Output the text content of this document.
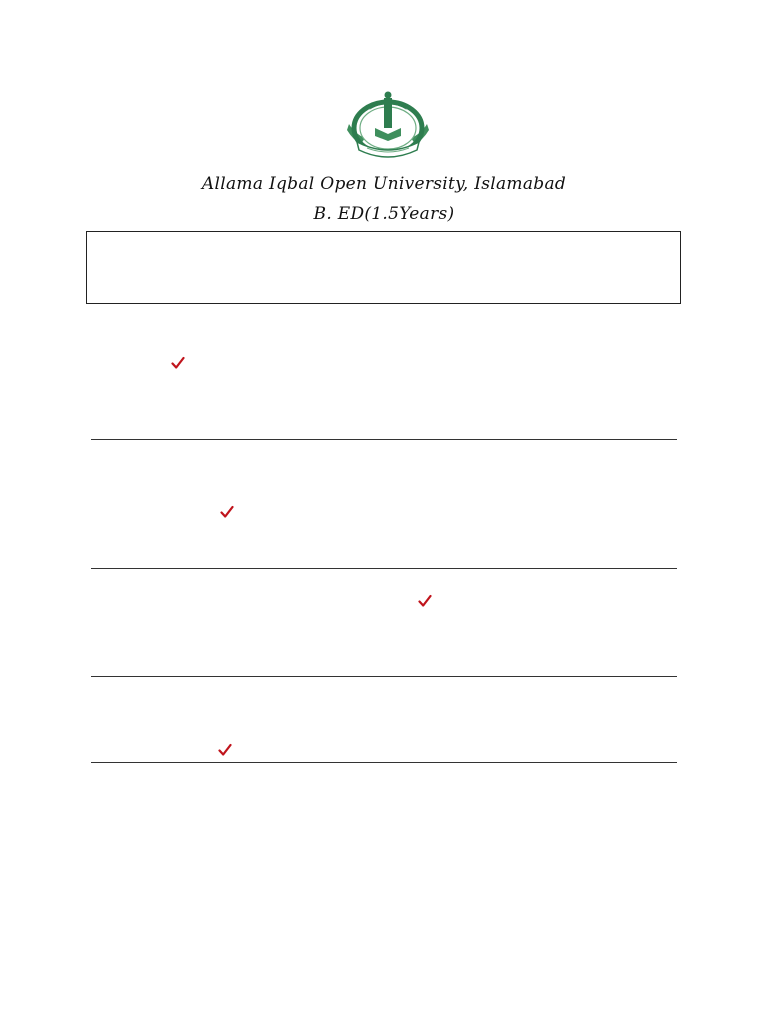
Allama Iqbal Open University, Islamabad
B. ED(1.5Years)
